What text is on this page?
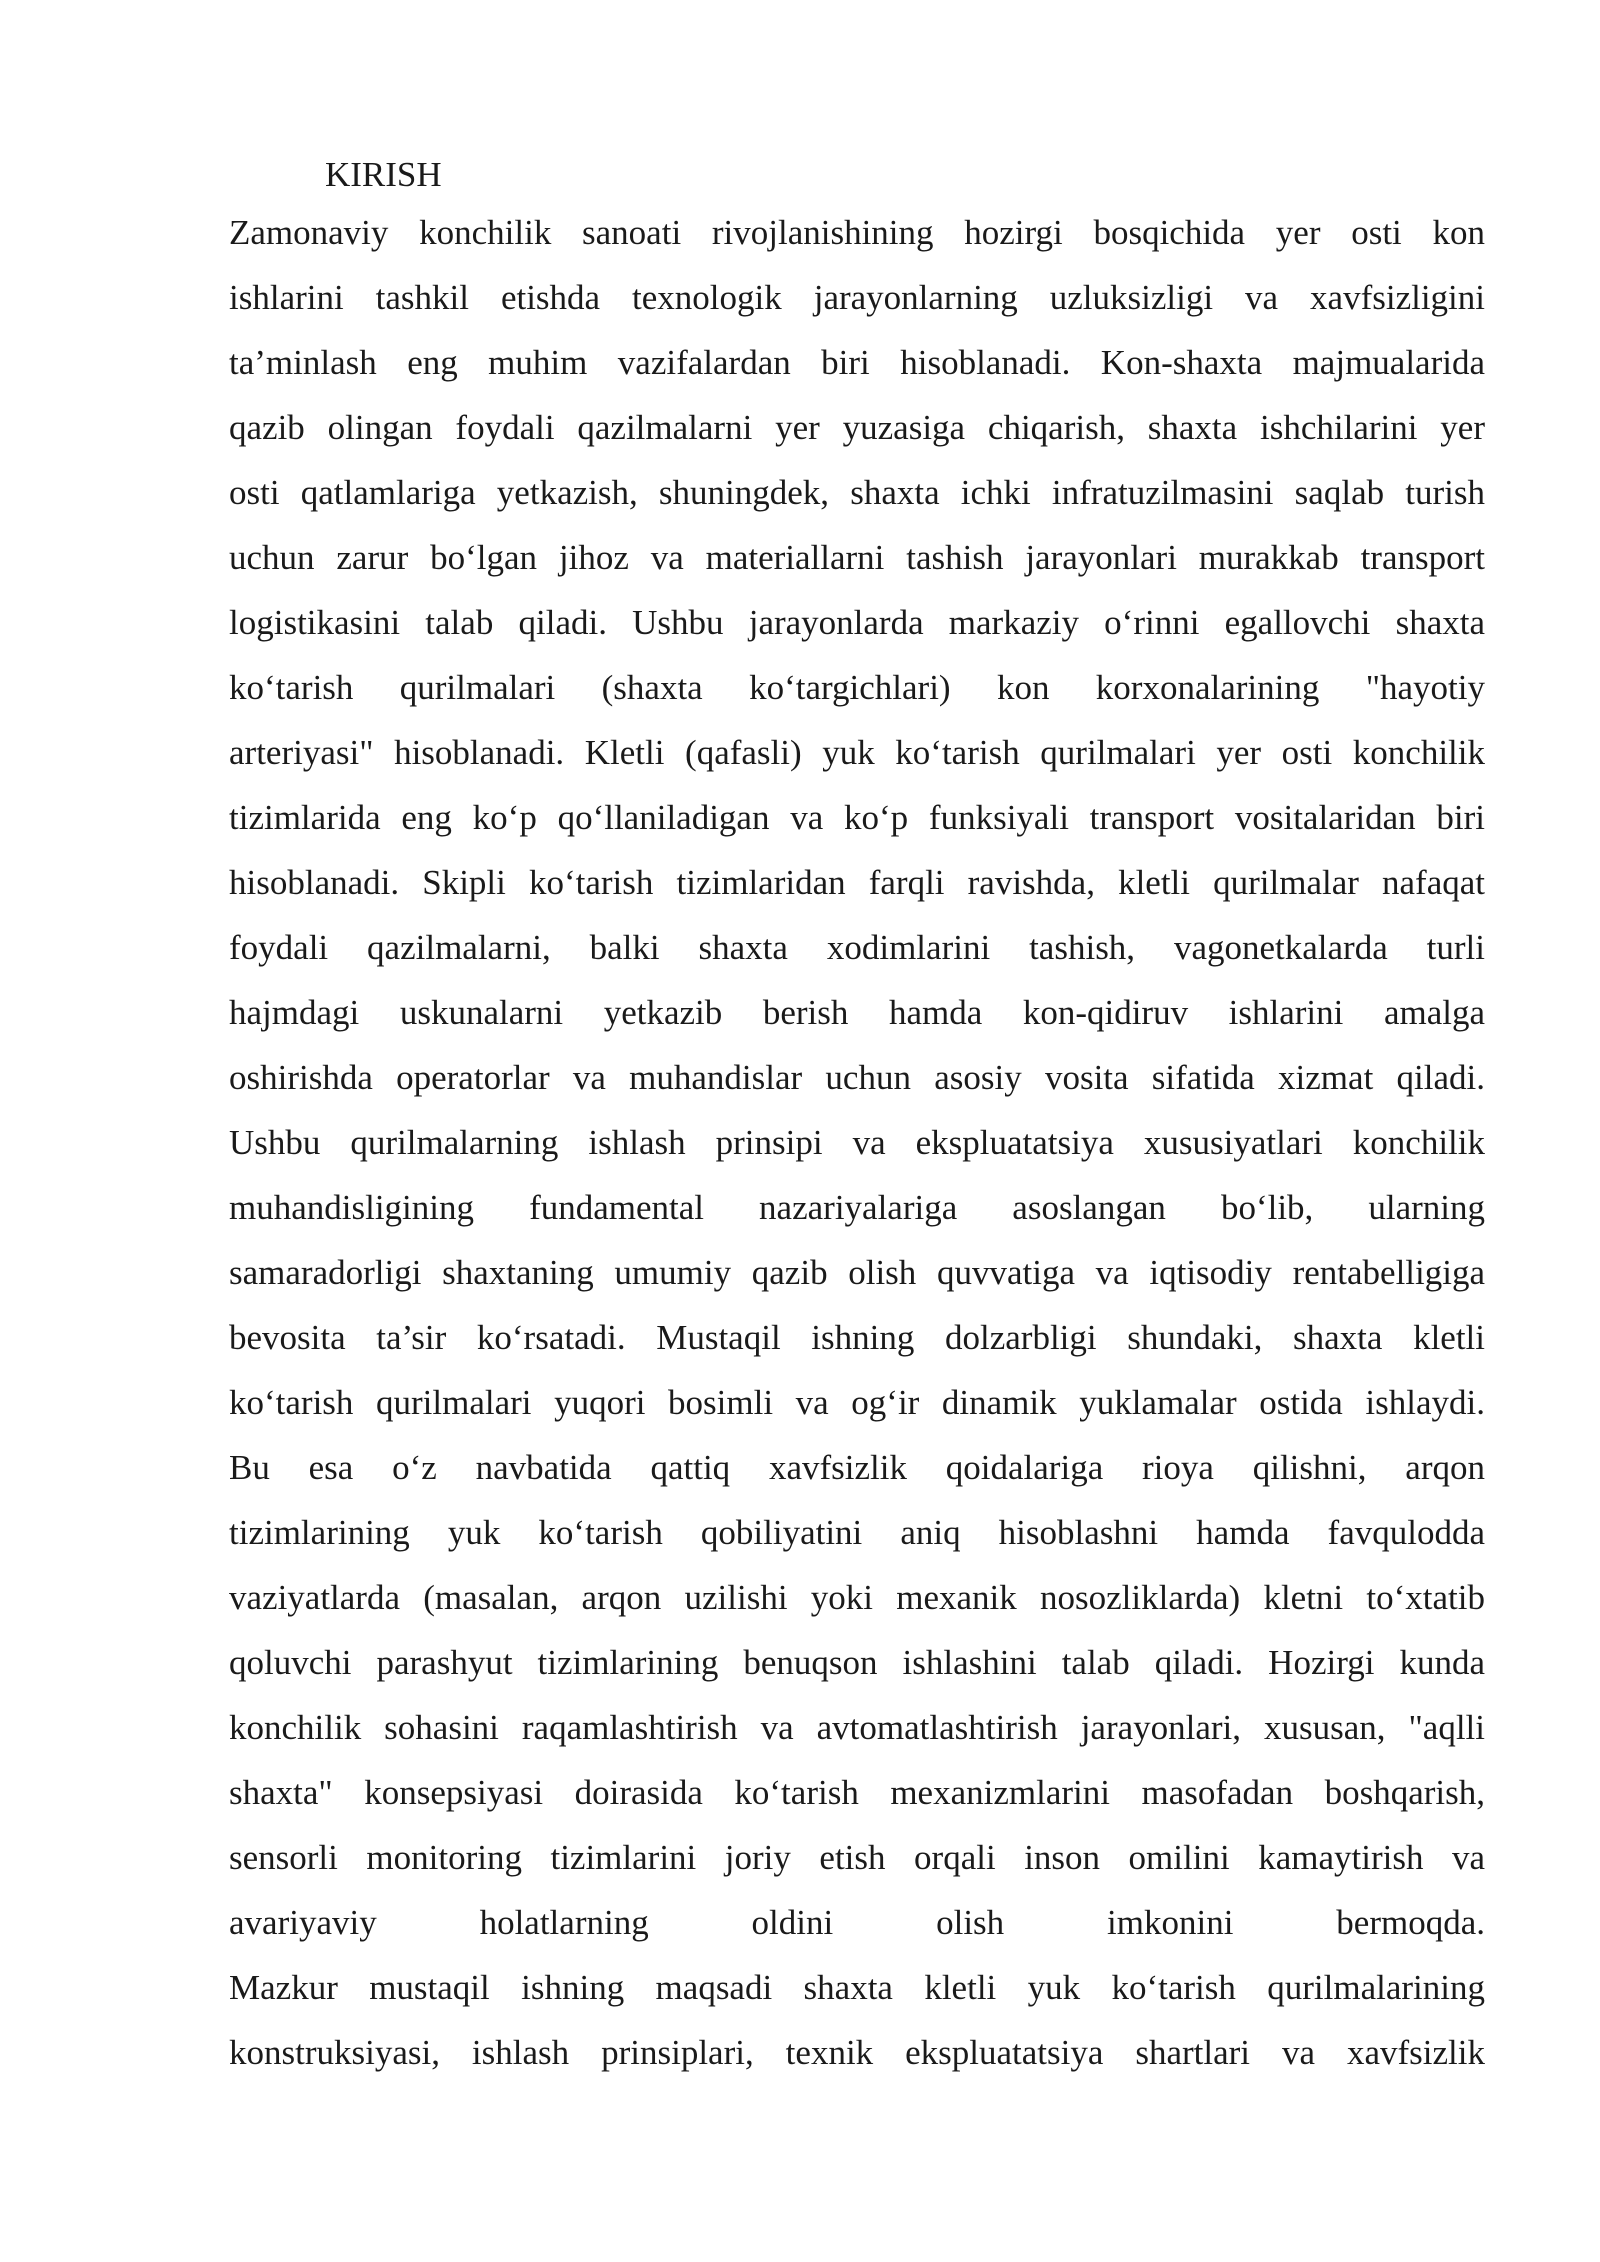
KIRISH
Zamonaviy konchilik sanoati rivojlanishining hozirgi bosqichida yer osti kon
ishlarini tashkil etishda texnologik jarayonlarning uzluksizligi va xavfsizligini
ta’minlash eng muhim vazifalardan biri hisoblanadi. Kon-shaxta majmualarida
qazib olingan foydali qazilmalarni yer yuzasiga chiqarish, shaxta ishchilarini yer
osti qatlamlariga yetkazish, shuningdek, shaxta ichki infratuzilmasini saqlab turish
uchun zarur bo‘lgan jihoz va materiallarni tashish jarayonlari murakkab transport
logistikasini talab qiladi. Ushbu jarayonlarda markaziy o‘rinni egallovchi shaxta
ko‘tarish qurilmalari (shaxta ko‘targichlari) kon korxonalarining "hayotiy
arteriyasi" hisoblanadi. Kletli (qafasli) yuk ko‘tarish qurilmalari yer osti konchilik
tizimlarida eng ko‘p qo‘llaniladigan va ko‘p funksiyali transport vositalaridan biri
hisoblanadi. Skipli ko‘tarish tizimlaridan farqli ravishda, kletli qurilmalar nafaqat
foydali qazilmalarni, balki shaxta xodimlarini tashish, vagonetkalarda turli
hajmdagi uskunalarni yetkazib berish hamda kon-qidiruv ishlarini amalga
oshirishda operatorlar va muhandislar uchun asosiy vosita sifatida xizmat qiladi.
Ushbu qurilmalarning ishlash prinsipi va ekspluatatsiya xususiyatlari konchilik
muhandisligining fundamental nazariyalariga asoslangan bo‘lib, ularning
samaradorligi shaxtaning umumiy qazib olish quvvatiga va iqtisodiy rentabelligiga
bevosita ta’sir ko‘rsatadi. Mustaqil ishning dolzarbligi shundaki, shaxta kletli
ko‘tarish qurilmalari yuqori bosimli va og‘ir dinamik yuklamalar ostida ishlaydi.
Bu esa o‘z navbatida qattiq xavfsizlik qoidalariga rioya qilishni, arqon
tizimlarining yuk ko‘tarish qobiliyatini aniq hisoblashni hamda favqulodda
vaziyatlarda (masalan, arqon uzilishi yoki mexanik nosozliklarda) kletni to‘xtatib
qoluvchi parashyut tizimlarining benuqson ishlashini talab qiladi. Hozirgi kunda
konchilik sohasini raqamlashtirish va avtomatlashtirish jarayonlari, xususan, "aqlli
shaxta" konsepsiyasi doirasida ko‘tarish mexanizmlarini masofadan boshqarish,
sensorli monitoring tizimlarini joriy etish orqali inson omilini kamaytirish va
avariyaviy holatlarning oldini olish imkonini bermoqda.
Mazkur mustaqil ishning maqsadi shaxta kletli yuk ko‘tarish qurilmalarining
konstruksiyasi, ishlash prinsiplari, texnik ekspluatatsiya shartlari va xavfsizlik
